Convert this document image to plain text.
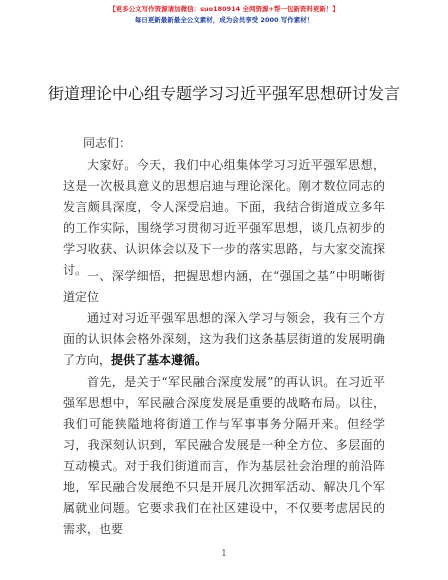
【更多公文写作资源请加微信：suo180914 全网资源+帮一包新资料更新！】
每日更新最新最全公文素材，成为会员享受 2000 写作素材！
街道理论中心组专题学习习近平强军思想研讨发言
同志们：

大家好。今天，我们中心组集体学习习近平强军思想，这是一次极具意义的思想启迪与理论深化。刚才数位同志的发言颇具深度，令人深受启迪。下面，我结合街道成立多年的工作实际，围绕学习贯彻习近平强军思想，谈几点初步的学习收获、认识体会以及下一步的落实思路，与大家交流探讨。 一、深学细悟，把握思想内涵，在“强国之基”中明晰街道定位

通过对习近平强军思想的深入学习与领会，我有三个方面的认识体会格外深刻，这为我们这条基层街道的发展明确了方向，提供了基本遵循。

首先，是关于“军民融合深度发展”的再认识。在习近平强军思想中，军民融合深度发展是重要的战略布局。以往，我们可能狭隘地将街道工作与军事事务分隔开来。但经学习，我深刻认识到，军民融合发展是一种全方位、多层面的互动模式。对于我们街道而言，作为基层社会治理的前沿阵地，军民融合发展绝不只是开展几次拥军活动、解决几个军属就业问题。它要求我们在社区建设中，不仅要考虑居民的需求，也要

1
